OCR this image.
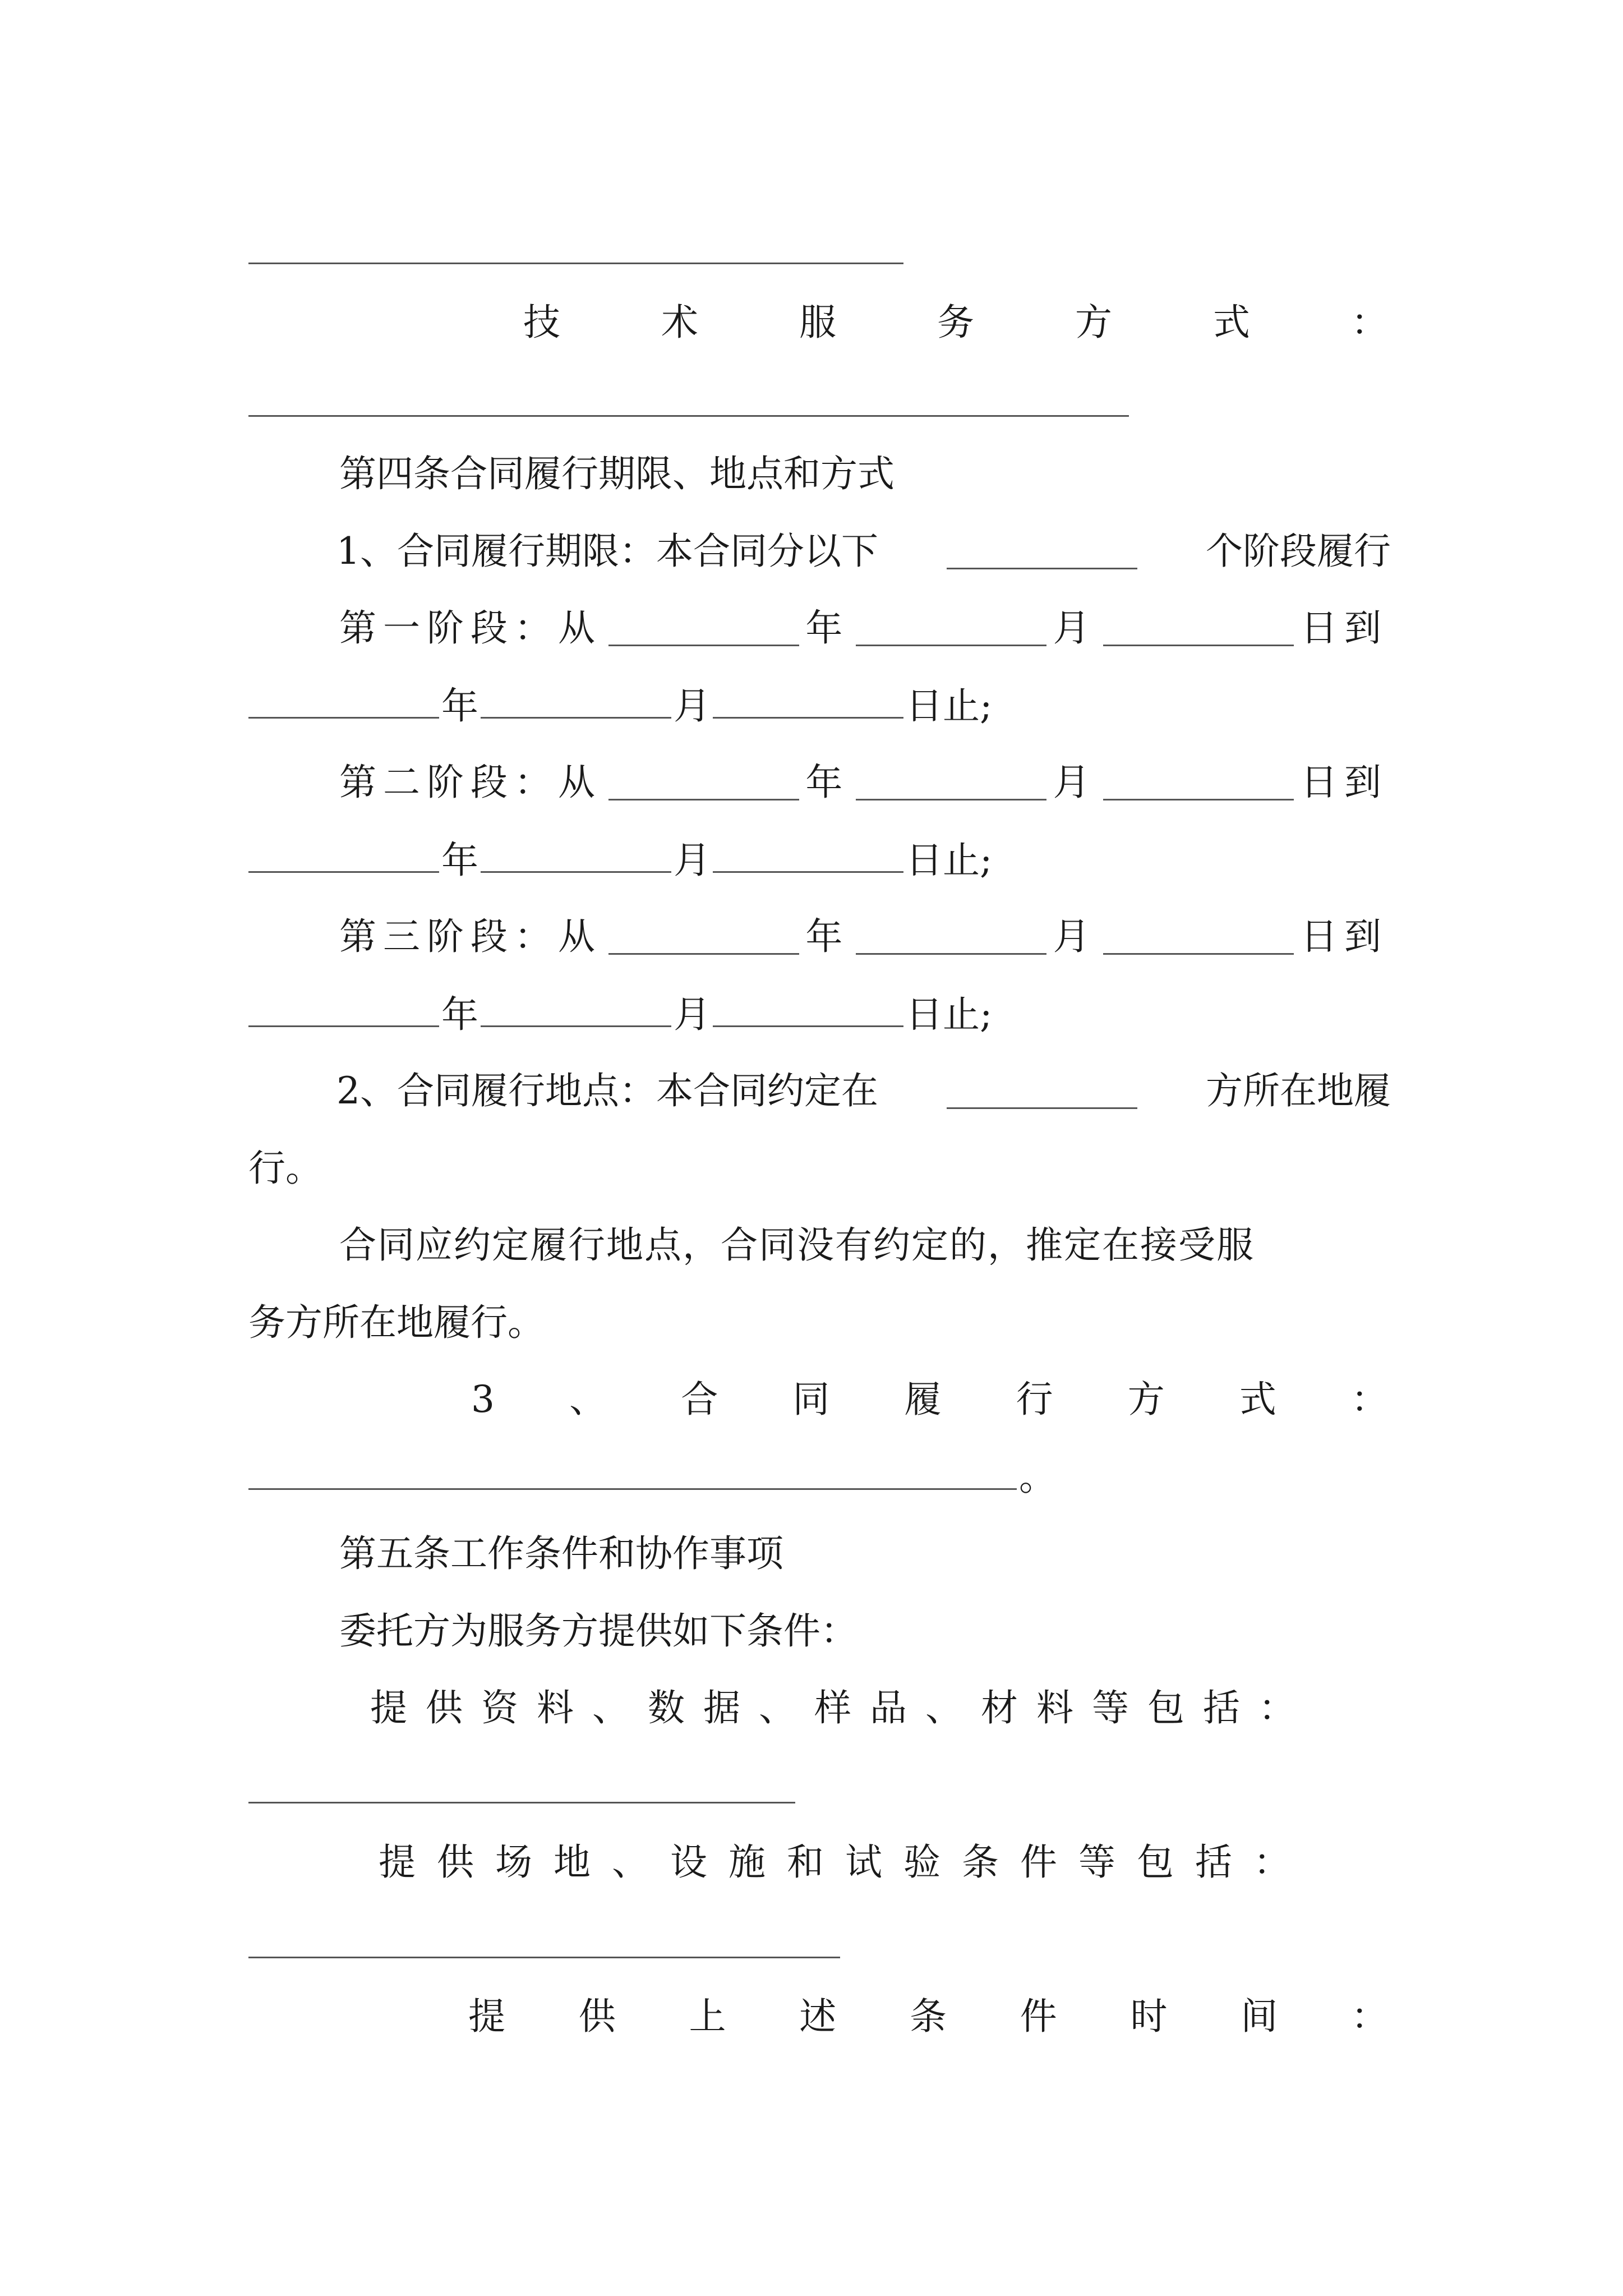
技	术	服	务	方	式	：
第四条合同履行期限、地点和方式
1、合同履行期限：本合同分以下	个阶段履行
第一阶段：从	年	月	日到
年	月	日止;
第二阶段：从	年	月	日到
年	月	日止;
第三阶段：从	年	月	日到
年	月	日止;
2、合同履行地点：本合同约定在	方所在地履
行。
合同应约定履行地点，合同没有约定的，推定在接受服
务方所在地履行。
3 、 合 同 履 行 方 式 ：
。
第五条工作条件和协作事项
委托方为服务方提供如下条件：
提供资料、数据、样品、材料等包括：
提供场地、设施和试验条件等包括：
提 供 上 述 条 件 时 间 ：
